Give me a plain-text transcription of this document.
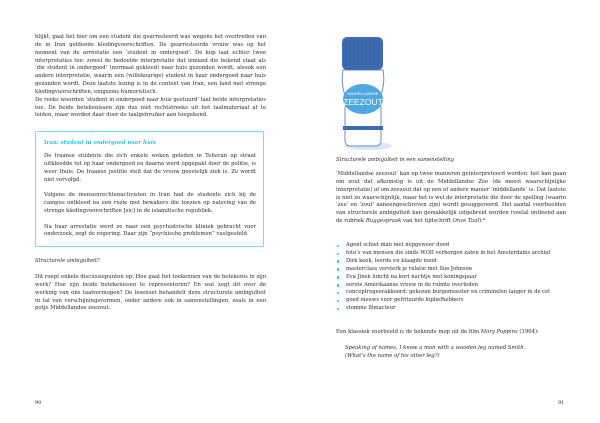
blijkt, gaat het hier om een student die gearresteerd was wegens het overtreden van de in Iran geldende kledingvoorschriften. De gearresteerde vrouw was op het moment van de arrestatie een ‘student in ondergoed’. De kop laat echter twee interpretaties toe: zowel de bedoelde interpretatie dat iemand die bekend staat als ‘die student in ondergoed’ (normaal gekleed) naar huis gezonden wordt, alsook een andere interpretatie, waarin een (willekeurige) student in haar ondergoed naar huis gezonden wordt. Deze laatste lezing is in de context van Iran, een land met strenge kledingvoorschriften, enigszins humoristisch.

De reeks woorden ‘student in ondergoed naar huis gestuurd’ laat beide interpretaties toe. De beide betekenissen zijn dus niet rechtstreeks uit het taalmateriaal af te leiden, maar worden daar door de taalgebruiker aan toegekend.

Iran: student in ondergoed naar huis

De Iraanse studente die zich enkele weken geleden in Teheran op straat uitkleedde tot op haar ondergoed en daarna werd opgepakt door de politie, is weer thuis. De Iraanse justitie stelt dat de vrouw geestelijk ziek is. Ze wordt niet vervolgd.

Volgens de mensenrechtenactivisten in Iran had de studente zich bij de campus ontkleed na een ruzie met bewakers die toezien op naleving van de strenge kledingvoorschriften [sic] in de islamitische republiek.

Na haar arrestatie werd ze naar een psychiatrische kliniek gebracht voor onderzoek, zegt de regering. Daar zijn “psychische problemen” vastgesteld.

Structurele ambiguïteit?

Dit roept enkele discussiepunten op: Hoe gaat het toekennen van de betekenis in zijn werk? Hoe zijn beide betekenissen te representeren? En wat zegt dit over de werking van ons taalvermogen? De lesenset behandelt deze structurele ambiguïteit in tal van verschijningsvormen, onder andere ook in samenstellingen, zoals in een potje Middellandse zeezout.

90
MIDDELLANDSE
ZEEZOUT
Structurele ambiguïteit in een samenstelling

‘Middellandse zeezout’ kan op twee manieren geïnterpreteerd worden: het kan gaan om zout dat afkomstig is uit de Middellandse Zee (de meest waarschijnlijke interpretatie) of om zeezout dat op een of andere manier ‘middellands’ is. Dat laatste is niet zo waarschijnlijk, maar het is wel de interpretatie die door de spelling (waarin ‘zee’ en ‘zout’ aaneengeschreven zijn) wordt gesuggereerd. Het aantal voorbeelden van structurele ambiguïteit kan gemakkelijk uitgebreid worden (veelal ontleend aan de rubriek Ruggespraak van het tijdschrift Onze Taal):⁴

Agent schiet man met nepgeweer dood
foto’s van mensen die sinds WOII verborgen zaten in het Amsterdams archief
Dirk keek, leerde en klaagde nooit
masterclass versterk je relatie met Sue Johnson
Eva Jinek luncht na kort nachtje met koningspaar
eerste Amerikaanse vrouw in de ruimte overleden
conceptregeerakkoord: gekozen burgemeester en criminelen langer in de cel
goed nieuws voor gefrituurde kipliefhebbers
stomme filmacteur

Een klassiek voorbeeld is de bekende mop uit de film Mary Poppins (1964):

Speaking of names, I know a man with a wooden leg named Smith.

(What’s the name of his other leg?)

91
